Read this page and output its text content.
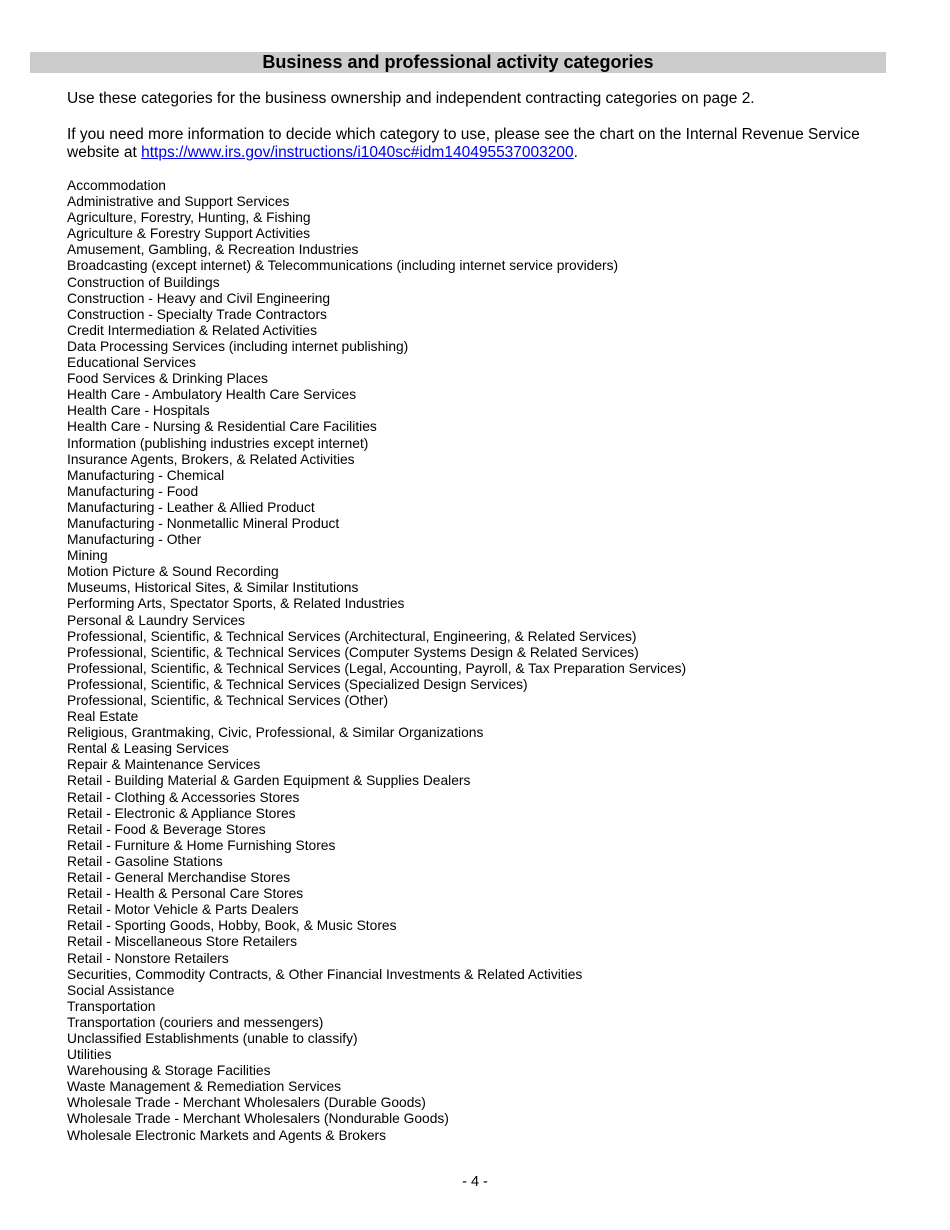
Business and professional activity categories

Use these categories for the business ownership and independent contracting categories on page 2.

If you need more information to decide which category to use, please see the chart on the Internal Revenue Service website at https://www.irs.gov/instructions/i1040sc#idm140495537003200.

Accommodation
Administrative and Support Services
Agriculture, Forestry, Hunting, & Fishing
Agriculture & Forestry Support Activities
Amusement, Gambling, & Recreation Industries
Broadcasting (except internet) & Telecommunications (including internet service providers)
Construction of Buildings
Construction - Heavy and Civil Engineering
Construction - Specialty Trade Contractors
Credit Intermediation & Related Activities
Data Processing Services (including internet publishing)
Educational Services
Food Services & Drinking Places
Health Care - Ambulatory Health Care Services
Health Care - Hospitals
Health Care - Nursing & Residential Care Facilities
Information (publishing industries except internet)
Insurance Agents, Brokers, & Related Activities
Manufacturing - Chemical
Manufacturing - Food
Manufacturing - Leather & Allied Product
Manufacturing - Nonmetallic Mineral Product
Manufacturing - Other
Mining
Motion Picture & Sound Recording
Museums, Historical Sites, & Similar Institutions
Performing Arts, Spectator Sports, & Related Industries
Personal & Laundry Services
Professional, Scientific, & Technical Services (Architectural, Engineering, & Related Services)
Professional, Scientific, & Technical Services (Computer Systems Design & Related Services)
Professional, Scientific, & Technical Services (Legal, Accounting, Payroll, & Tax Preparation Services)
Professional, Scientific, & Technical Services (Specialized Design Services)
Professional, Scientific, & Technical Services (Other)
Real Estate
Religious, Grantmaking, Civic, Professional, & Similar Organizations
Rental & Leasing Services
Repair & Maintenance Services
Retail - Building Material & Garden Equipment & Supplies Dealers
Retail - Clothing & Accessories Stores
Retail - Electronic & Appliance Stores
Retail - Food & Beverage Stores
Retail - Furniture & Home Furnishing Stores
Retail - Gasoline Stations
Retail - General Merchandise Stores
Retail - Health & Personal Care Stores
Retail - Motor Vehicle & Parts Dealers
Retail - Sporting Goods, Hobby, Book, & Music Stores
Retail - Miscellaneous Store Retailers
Retail - Nonstore Retailers
Securities, Commodity Contracts, & Other Financial Investments & Related Activities
Social Assistance
Transportation
Transportation (couriers and messengers)
Unclassified Establishments (unable to classify)
Utilities
Warehousing & Storage Facilities
Waste Management & Remediation Services
Wholesale Trade - Merchant Wholesalers (Durable Goods)
Wholesale Trade - Merchant Wholesalers (Nondurable Goods)
Wholesale Electronic Markets and Agents & Brokers
- 4 -
